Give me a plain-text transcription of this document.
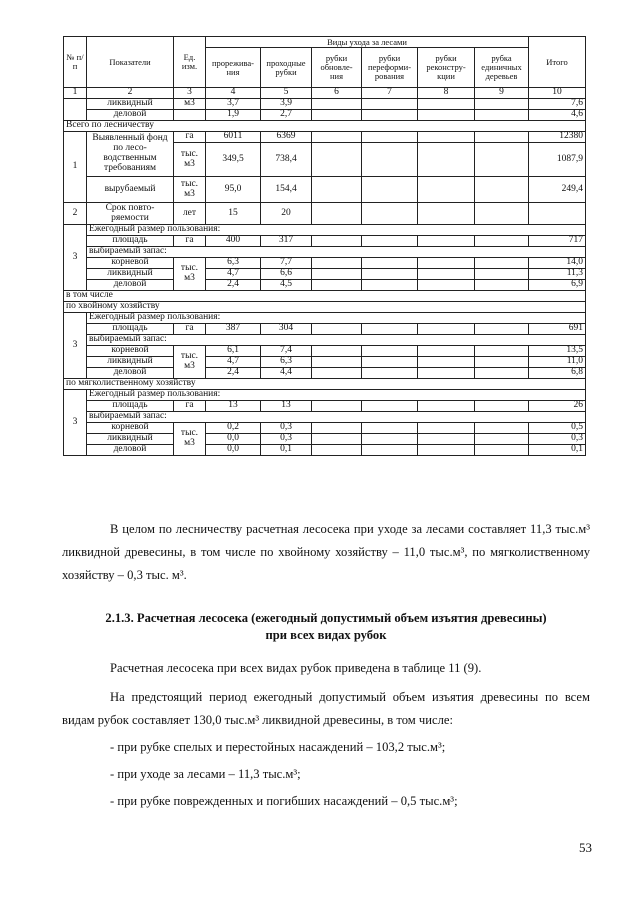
№ п/п	Показатели	Ед. изм.	Виды ухода за лесами						Итого
			прорежива-ния	проходные рубки	рубки обновле-ния	рубки переформи-рования	рубки реконстру-кции	рубка единичных деревьев	
1	2	3	4	5	6	7	8	9	10
	ликвидный	м3	3,7	3,9					7,6
	деловой		1,9	2,7					4,6
Всего по лесничеству									
1	Выявленный фонд по лесо-водственным требованиям	га	6011	6369					12380
		тыс. м3	349,5	738,4					1087,9
	вырубаемый	тыс. м3	95,0	154,4					249,4
2	Срок повто-ряемости	лет	15	20					
3	Ежегодный размер пользования:								
	площадь	га	400	317					717
	выбираемый запас:								
	корневой	тыс. м3	6,3	7,7					14,0
	ликвидный		4,7	6,6					11,3
	деловой		2,4	4,5					6,9
в том числе									
по хвойному хозяйству									
3	Ежегодный размер пользования:								
	площадь	га	387	304					691
	выбираемый запас:								
	корневой	тыс. м3	6,1	7,4					13,5
	ликвидный		4,7	6,3					11,0
	деловой		2,4	4,4					6,8
по мягколиственному хозяйству									
3	Ежегодный размер пользования:								
	площадь	га	13	13					26
	выбираемый запас:								
	корневой	тыс. м3	0,2	0,3					0,5
	ликвидный		0,0	0,3					0,3
	деловой		0,0	0,1					0,1

В целом по лесничеству расчетная лесосека при уходе за лесами составляет 11,3 тыс.м³ ликвидной древесины, в том числе по хвойному хозяйству – 11,0 тыс.м³, по мягколиственному хозяйству – 0,3 тыс. м³.

2.1.3. Расчетная лесосека (ежегодный допустимый объем изъятия древесины)
при всех видах рубок

Расчетная лесосека при всех видах рубок приведена в таблице 11 (9).

На предстоящий период ежегодный допустимый объем изъятия древесины по всем видам рубок составляет 130,0 тыс.м³ ликвидной древесины, в том числе:

- при рубке спелых и перестойных насаждений – 103,2 тыс.м³;

- при уходе за лесами – 11,3 тыс.м³;

- при рубке поврежденных и погибших насаждений – 0,5 тыс.м³;

53
